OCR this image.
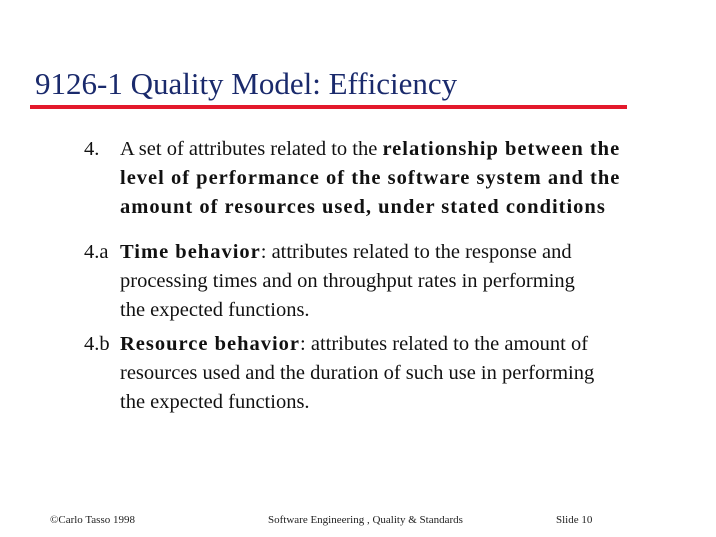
9126-1 Quality Model: Efficiency
4. A set of attributes related to the relationship between the
level of performance of the software system and the
amount of resources used, under stated conditions
4.a Time behavior: attributes related to the response and
processing times and on throughput rates in performing
the expected functions.
4.b Resource behavior: attributes related to the amount of
resources used and the duration of such use in performing
the expected functions.
©Carlo Tasso 1998	Software Engineering , Quality & Standards	Slide 10
